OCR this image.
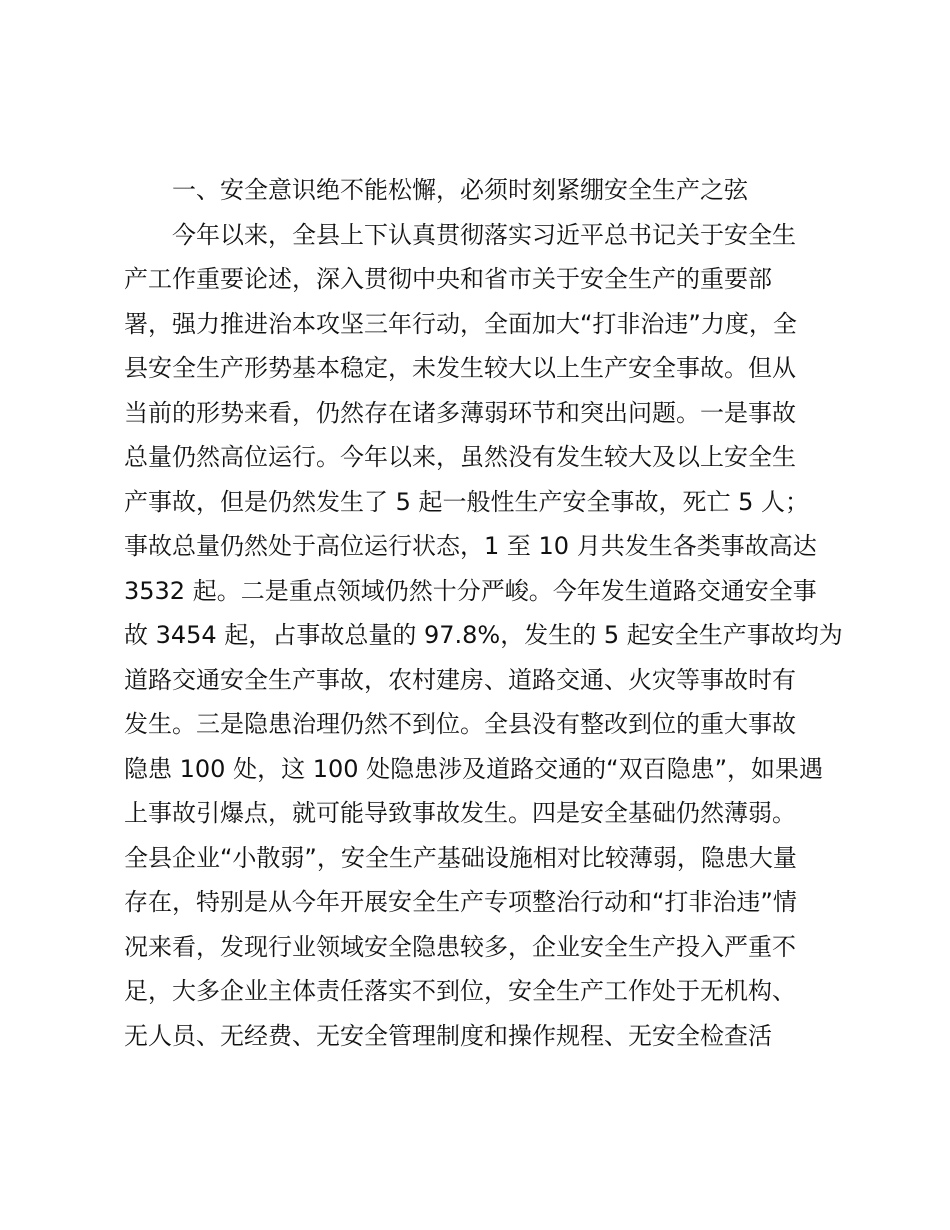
一、安全意识绝不能松懈，必须时刻紧绷安全生产之弦
今年以来，全县上下认真贯彻落实习近平总书记关于安全生
产工作重要论述，深入贯彻中央和省市关于安全生产的重要部
署，强力推进治本攻坚三年行动，全面加大“打非治违”力度，全
县安全生产形势基本稳定，未发生较大以上生产安全事故。但从
当前的形势来看，仍然存在诸多薄弱环节和突出问题。一是事故
总量仍然高位运行。今年以来，虽然没有发生较大及以上安全生
产事故，但是仍然发生了 5 起一般性生产安全事故，死亡 5 人；
事故总量仍然处于高位运行状态，1 至 10 月共发生各类事故高达
3532 起。二是重点领域仍然十分严峻。今年发生道路交通安全事
故 3454 起，占事故总量的 97.8%，发生的 5 起安全生产事故均为
道路交通安全生产事故，农村建房、道路交通、火灾等事故时有
发生。三是隐患治理仍然不到位。全县没有整改到位的重大事故
隐患 100 处，这 100 处隐患涉及道路交通的“双百隐患”，如果遇
上事故引爆点，就可能导致事故发生。四是安全基础仍然薄弱。
全县企业“小散弱”，安全生产基础设施相对比较薄弱，隐患大量
存在，特别是从今年开展安全生产专项整治行动和“打非治违”情
况来看，发现行业领域安全隐患较多，企业安全生产投入严重不
足，大多企业主体责任落实不到位，安全生产工作处于无机构、
无人员、无经费、无安全管理制度和操作规程、无安全检查活
